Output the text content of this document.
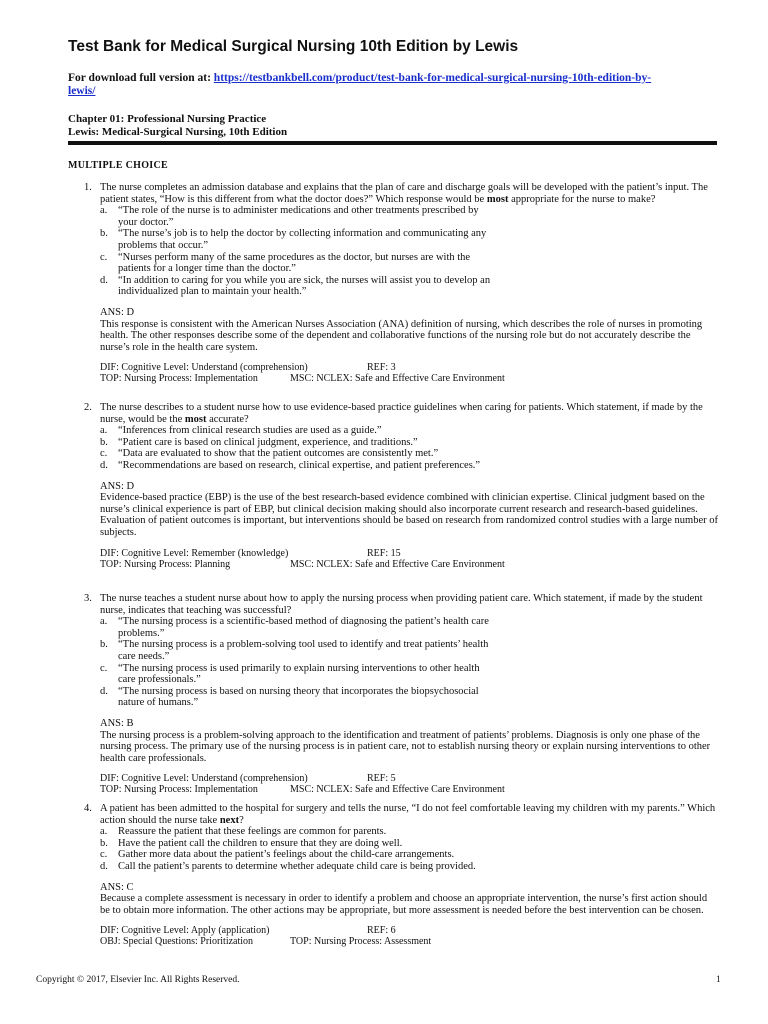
Test Bank for Medical Surgical Nursing 10th Edition by Lewis
For download full version at: https://testbankbell.com/product/test-bank-for-medical-surgical-nursing-10th-edition-by-
lewis/
Chapter 01: Professional Nursing Practice
Lewis: Medical-Surgical Nursing, 10th Edition
MULTIPLE CHOICE
1. The nurse completes an admission database and explains that the plan of care and discharge goals will be developed with the patient’s input. The patient states, “How is this different from what the doctor does?” Which response would be most appropriate for the nurse to make?
a. “The role of the nurse is to administer medications and other treatments prescribed by your doctor.”
b. “The nurse’s job is to help the doctor by collecting information and communicating any problems that occur.”
c. “Nurses perform many of the same procedures as the doctor, but nurses are with the patients for a longer time than the doctor.”
d. “In addition to caring for you while you are sick, the nurses will assist you to develop an individualized plan to maintain your health.”
ANS: D
This response is consistent with the American Nurses Association (ANA) definition of nursing, which describes the role of nurses in promoting health. The other responses describe some of the dependent and collaborative functions of the nursing role but do not accurately describe the nurse’s role in the health care system.
DIF: Cognitive Level: Understand (comprehension)	REF: 3
TOP: Nursing Process: Implementation	MSC: NCLEX: Safe and Effective Care Environment
2. The nurse describes to a student nurse how to use evidence-based practice guidelines when caring for patients. Which statement, if made by the nurse, would be the most accurate?
a. “Inferences from clinical research studies are used as a guide.”
b. “Patient care is based on clinical judgment, experience, and traditions.”
c. “Data are evaluated to show that the patient outcomes are consistently met.”
d. “Recommendations are based on research, clinical expertise, and patient preferences.”
ANS: D
Evidence-based practice (EBP) is the use of the best research-based evidence combined with clinician expertise. Clinical judgment based on the nurse’s clinical experience is part of EBP, but clinical decision making should also incorporate current research and research-based guidelines. Evaluation of patient outcomes is important, but interventions should be based on research from randomized control studies with a large number of subjects.
DIF: Cognitive Level: Remember (knowledge)	REF: 15
TOP: Nursing Process: Planning	MSC: NCLEX: Safe and Effective Care Environment
3. The nurse teaches a student nurse about how to apply the nursing process when providing patient care. Which statement, if made by the student nurse, indicates that teaching was successful?
a. “The nursing process is a scientific-based method of diagnosing the patient’s health care problems.”
b. “The nursing process is a problem-solving tool used to identify and treat patients’ health care needs.”
c. “The nursing process is used primarily to explain nursing interventions to other health care professionals.”
d. “The nursing process is based on nursing theory that incorporates the biopsychosocial nature of humans.”
ANS: B
The nursing process is a problem-solving approach to the identification and treatment of patients’ problems. Diagnosis is only one phase of the nursing process. The primary use of the nursing process is in patient care, not to establish nursing theory or explain nursing interventions to other health care professionals.
DIF: Cognitive Level: Understand (comprehension)	REF: 5
TOP: Nursing Process: Implementation	MSC: NCLEX: Safe and Effective Care Environment
4. A patient has been admitted to the hospital for surgery and tells the nurse, “I do not feel comfortable leaving my children with my parents.” Which action should the nurse take next?
a. Reassure the patient that these feelings are common for parents.
b. Have the patient call the children to ensure that they are doing well.
c. Gather more data about the patient’s feelings about the child-care arrangements.
d. Call the patient’s parents to determine whether adequate child care is being provided.
ANS: C
Because a complete assessment is necessary in order to identify a problem and choose an appropriate intervention, the nurse’s first action should be to obtain more information. The other actions may be appropriate, but more assessment is needed before the best intervention can be chosen.
DIF: Cognitive Level: Apply (application)	REF: 6
OBJ: Special Questions: Prioritization	TOP: Nursing Process: Assessment
Copyright © 2017, Elsevier Inc. All Rights Reserved.	1
